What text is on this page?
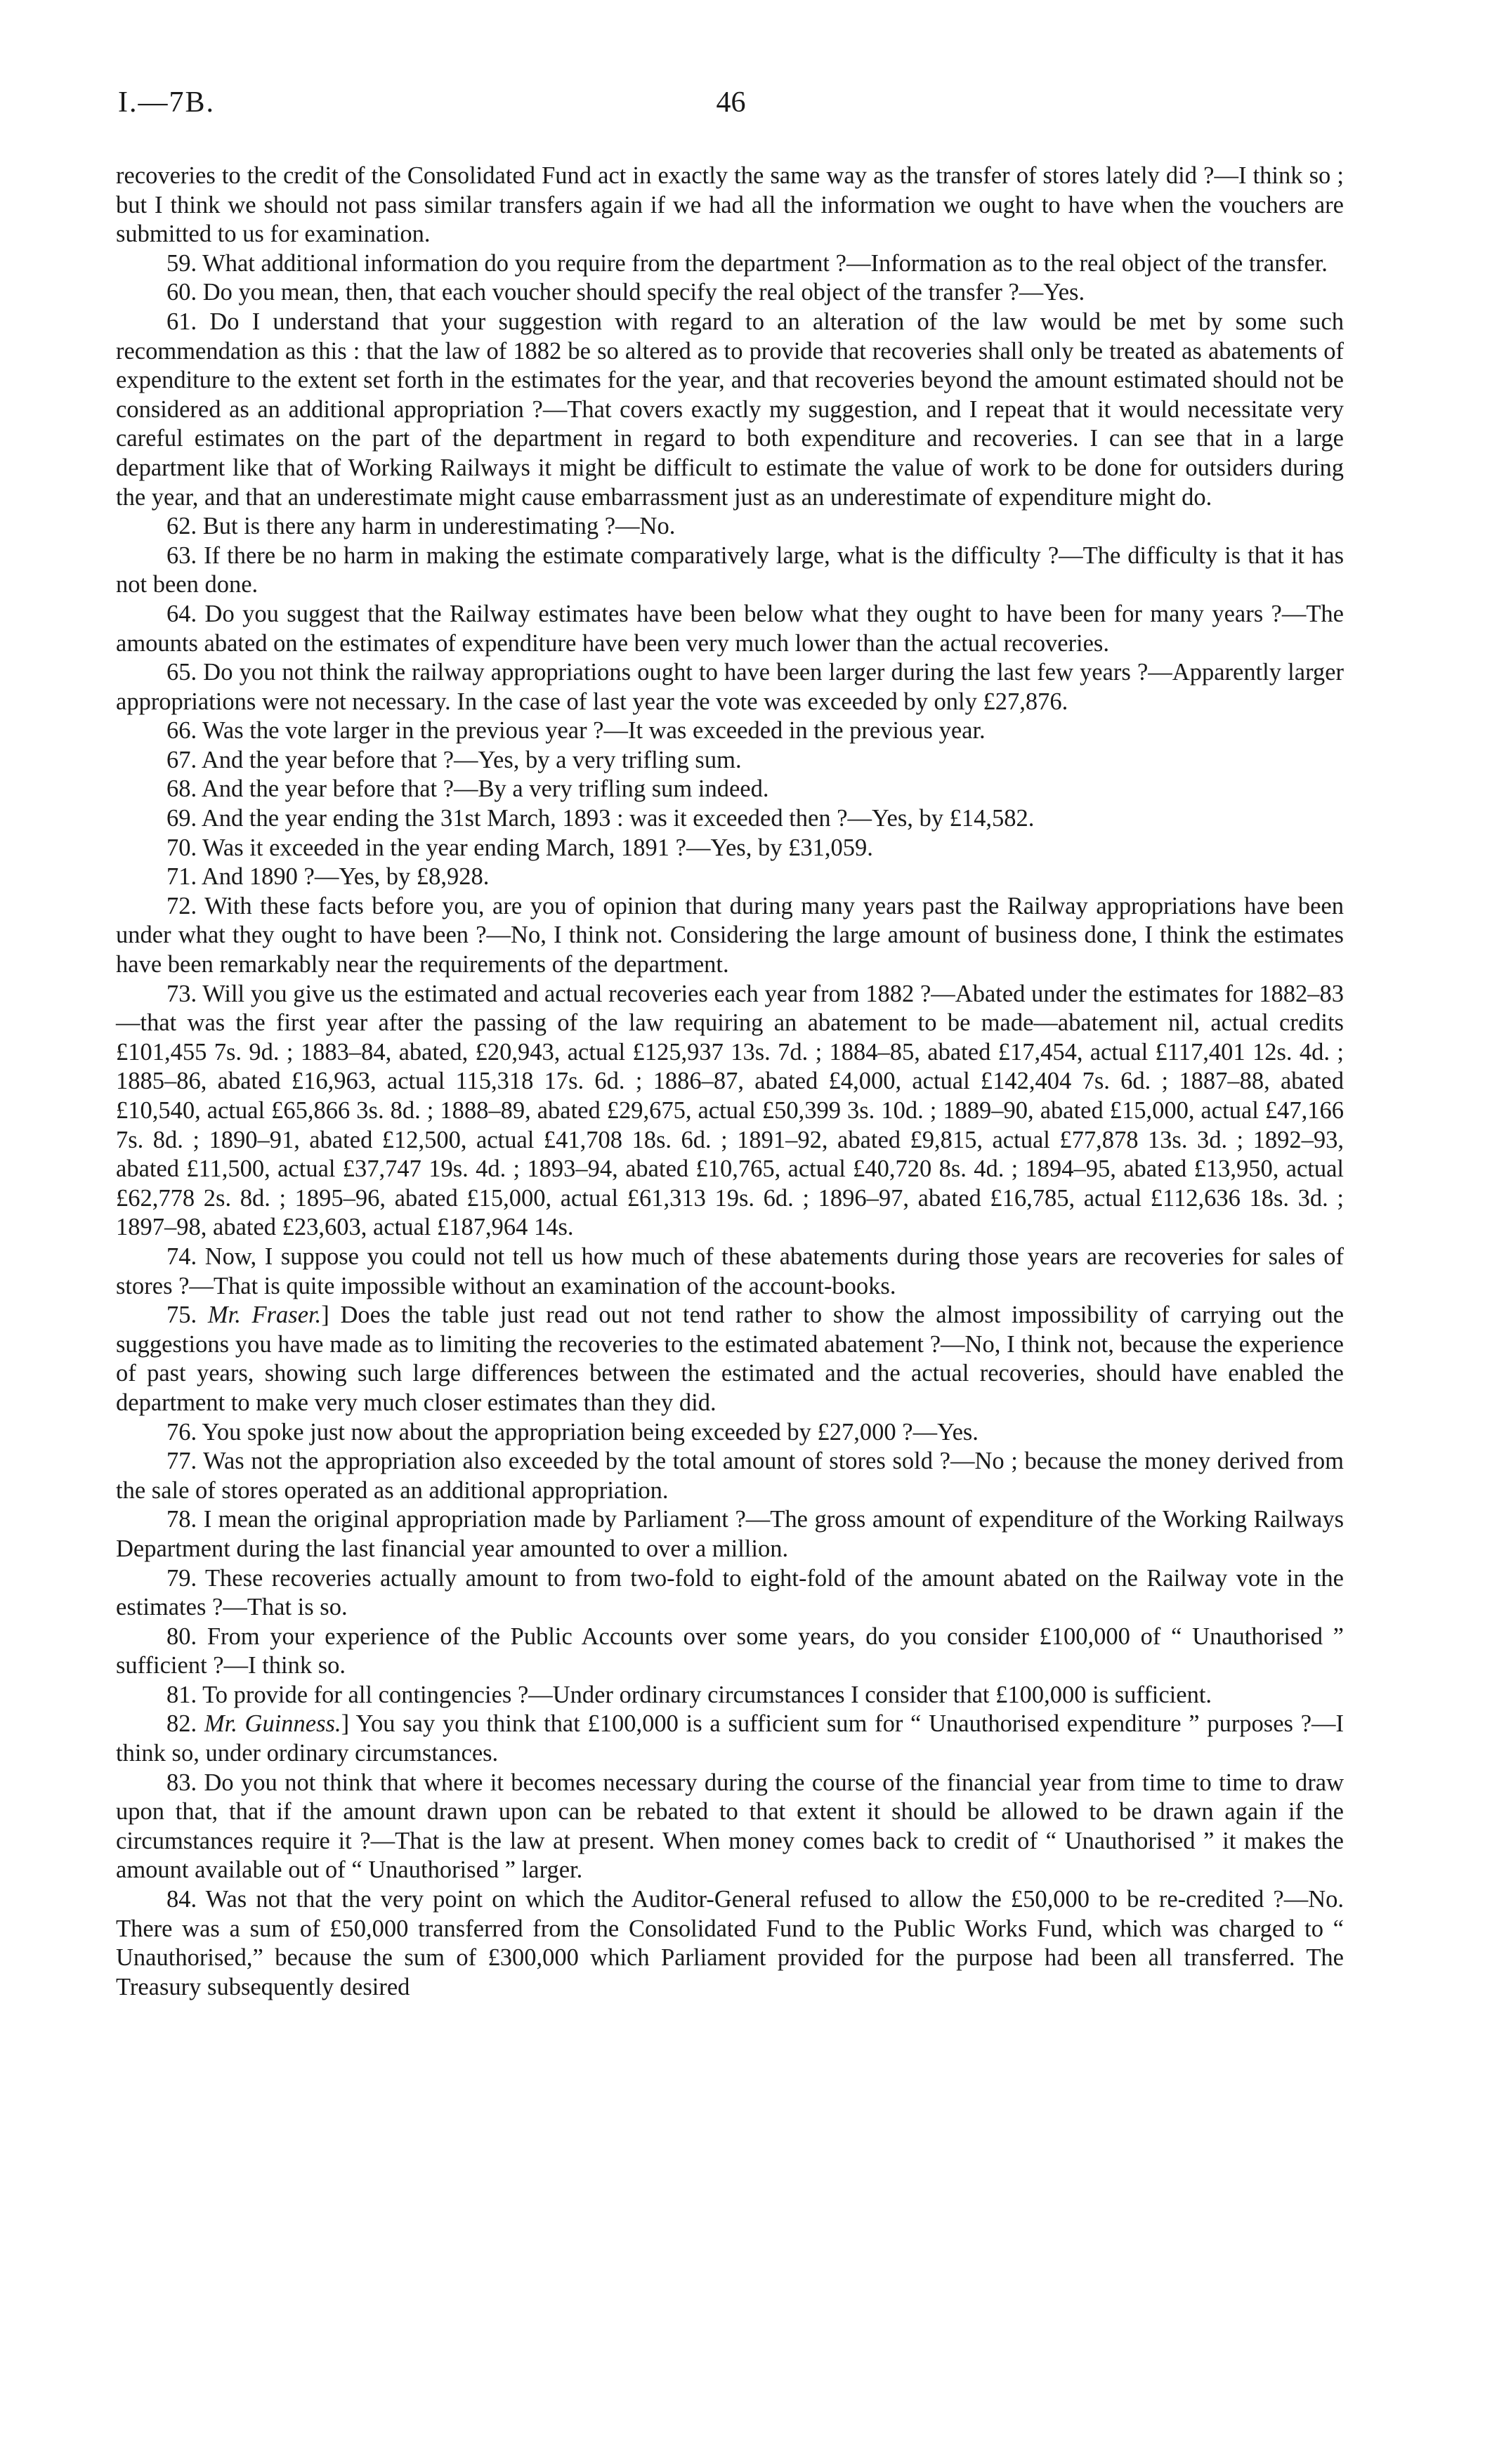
I.—7B.	46

recoveries to the credit of the Consolidated Fund act in exactly the same way as the transfer of stores lately did ?—I think so ; but I think we should not pass similar transfers again if we had all the information we ought to have when the vouchers are submitted to us for examination.

59. What additional information do you require from the department ?—Information as to the real object of the transfer.

60. Do you mean, then, that each voucher should specify the real object of the transfer ?—Yes.

61. Do I understand that your suggestion with regard to an alteration of the law would be met by some such recommendation as this : that the law of 1882 be so altered as to provide that recoveries shall only be treated as abatements of expenditure to the extent set forth in the estimates for the year, and that recoveries beyond the amount estimated should not be considered as an additional appropriation ?—That covers exactly my suggestion, and I repeat that it would necessitate very careful estimates on the part of the department in regard to both expenditure and recoveries. I can see that in a large department like that of Working Railways it might be difficult to estimate the value of work to be done for outsiders during the year, and that an underestimate might cause embarrassment just as an underestimate of expenditure might do.

62. But is there any harm in underestimating ?—No.

63. If there be no harm in making the estimate comparatively large, what is the difficulty ?—The difficulty is that it has not been done.

64. Do you suggest that the Railway estimates have been below what they ought to have been for many years ?—The amounts abated on the estimates of expenditure have been very much lower than the actual recoveries.

65. Do you not think the railway appropriations ought to have been larger during the last few years ?—Apparently larger appropriations were not necessary. In the case of last year the vote was exceeded by only £27,876.

66. Was the vote larger in the previous year ?—It was exceeded in the previous year.

67. And the year before that ?—Yes, by a very trifling sum.

68. And the year before that ?—By a very trifling sum indeed.

69. And the year ending the 31st March, 1893 : was it exceeded then ?—Yes, by £14,582.

70. Was it exceeded in the year ending March, 1891 ?—Yes, by £31,059.

71. And 1890 ?—Yes, by £8,928.

72. With these facts before you, are you of opinion that during many years past the Railway appropriations have been under what they ought to have been ?—No, I think not. Considering the large amount of business done, I think the estimates have been remarkably near the requirements of the department.

73. Will you give us the estimated and actual recoveries each year from 1882 ?—Abated under the estimates for 1882–83—that was the first year after the passing of the law requiring an abatement to be made—abatement nil, actual credits £101,455 7s. 9d. ; 1883–84, abated, £20,943, actual £125,937 13s. 7d. ; 1884–85, abated £17,454, actual £117,401 12s. 4d. ; 1885–86, abated £16,963, actual 115,318 17s. 6d. ; 1886–87, abated £4,000, actual £142,404 7s. 6d. ; 1887–88, abated £10,540, actual £65,866 3s. 8d. ; 1888–89, abated £29,675, actual £50,399 3s. 10d. ; 1889–90, abated £15,000, actual £47,166 7s. 8d. ; 1890–91, abated £12,500, actual £41,708 18s. 6d. ; 1891–92, abated £9,815, actual £77,878 13s. 3d. ; 1892–93, abated £11,500, actual £37,747 19s. 4d. ; 1893–94, abated £10,765, actual £40,720 8s. 4d. ; 1894–95, abated £13,950, actual £62,778 2s. 8d. ; 1895–96, abated £15,000, actual £61,313 19s. 6d. ; 1896–97, abated £16,785, actual £112,636 18s. 3d. ; 1897–98, abated £23,603, actual £187,964 14s.

74. Now, I suppose you could not tell us how much of these abatements during those years are recoveries for sales of stores ?—That is quite impossible without an examination of the account-books.

75. Mr. Fraser.] Does the table just read out not tend rather to show the almost impossibility of carrying out the suggestions you have made as to limiting the recoveries to the estimated abatement ?—No, I think not, because the experience of past years, showing such large differences between the estimated and the actual recoveries, should have enabled the department to make very much closer estimates than they did.

76. You spoke just now about the appropriation being exceeded by £27,000 ?—Yes.

77. Was not the appropriation also exceeded by the total amount of stores sold ?—No ; because the money derived from the sale of stores operated as an additional appropriation.

78. I mean the original appropriation made by Parliament ?—The gross amount of expenditure of the Working Railways Department during the last financial year amounted to over a million.

79. These recoveries actually amount to from two-fold to eight-fold of the amount abated on the Railway vote in the estimates ?—That is so.

80. From your experience of the Public Accounts over some years, do you consider £100,000 of “ Unauthorised ” sufficient ?—I think so.

81. To provide for all contingencies ?—Under ordinary circumstances I consider that £100,000 is sufficient.

82. Mr. Guinness.] You say you think that £100,000 is a sufficient sum for “ Unauthorised expenditure ” purposes ?—I think so, under ordinary circumstances.

83. Do you not think that where it becomes necessary during the course of the financial year from time to time to draw upon that, that if the amount drawn upon can be rebated to that extent it should be allowed to be drawn again if the circumstances require it ?—That is the law at present. When money comes back to credit of “ Unauthorised ” it makes the amount available out of “ Unauthorised ” larger.

84. Was not that the very point on which the Auditor-General refused to allow the £50,000 to be re-credited ?—No. There was a sum of £50,000 transferred from the Consolidated Fund to the Public Works Fund, which was charged to “ Unauthorised,” because the sum of £300,000 which Parliament provided for the purpose had been all transferred. The Treasury subsequently desired
